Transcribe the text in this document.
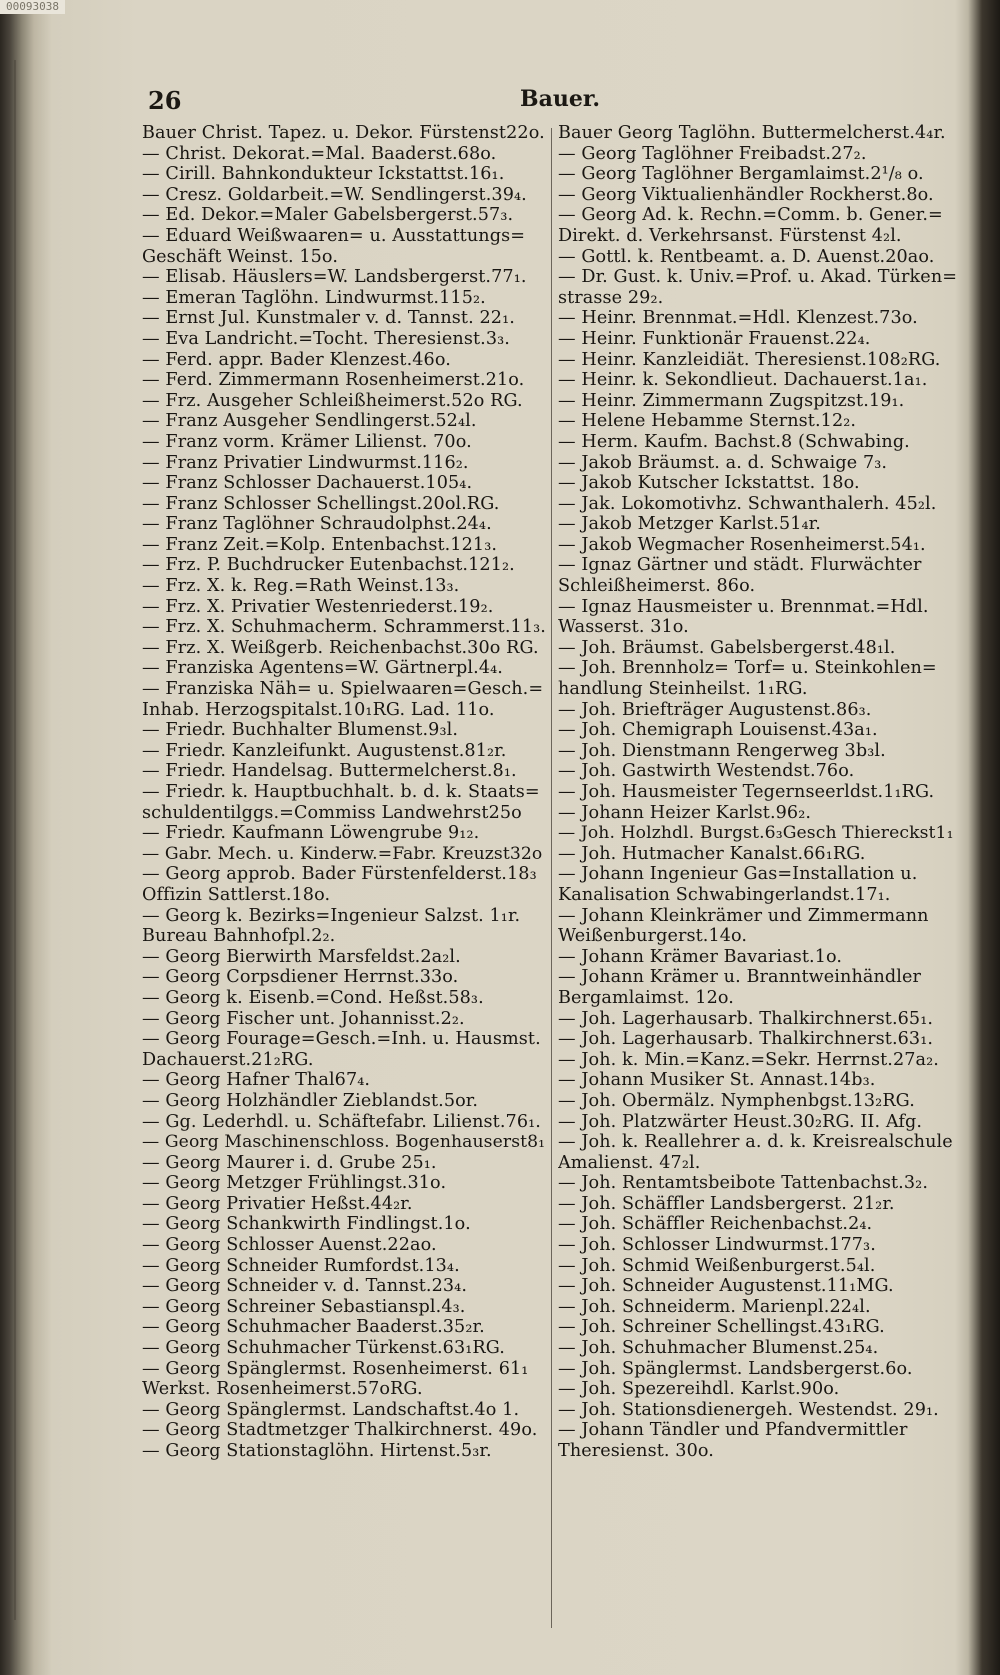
00093038
26	Bauer.
Bauer Christ. Tapez. u. Dekor. Fürstenst22o.
— Christ. Dekorat.=Mal. Baaderst.68o.
— Cirill. Bahnkondukteur Ickstattst.16₁.
— Cresz. Goldarbeit.=W. Sendlingerst.39₄.
— Ed. Dekor.=Maler Gabelsbergerst.57₃.
— Eduard Weißwaaren= u. Ausstattungs=
Geschäft Weinst. 15o.
— Elisab. Häuslers=W. Landsbergerst.77₁.
— Emeran Taglöhn. Lindwurmst.115₂.
— Ernst Jul. Kunstmaler v. d. Tannst. 22₁.
— Eva Landricht.=Tocht. Theresienst.3₃.
— Ferd. appr. Bader Klenzest.46o.
— Ferd. Zimmermann Rosenheimerst.21o.
— Frz. Ausgeher Schleißheimerst.52o RG.
— Franz Ausgeher Sendlingerst.52₄l.
— Franz vorm. Krämer Lilienst. 70o.
— Franz Privatier Lindwurmst.116₂.
— Franz Schlosser Dachauerst.105₄.
— Franz Schlosser Schellingst.20ol.RG.
— Franz Taglöhner Schraudolphst.24₄.
— Franz Zeit.=Kolp. Entenbachst.121₃.
— Frz. P. Buchdrucker Eutenbachst.121₂.
— Frz. X. k. Reg.=Rath Weinst.13₃.
— Frz. X. Privatier Westenriederst.19₂.
— Frz. X. Schuhmacherm. Schrammerst.11₃.
— Frz. X. Weißgerb. Reichenbachst.30o RG.
— Franziska Agentens=W. Gärtnerpl.4₄.
— Franziska Näh= u. Spielwaaren=Gesch.=
Inhab. Herzogspitalst.10₁RG. Lad. 11o.
— Friedr. Buchhalter Blumenst.9₃l.
— Friedr. Kanzleifunkt. Augustenst.81₂r.
— Friedr. Handelsag. Buttermelcherst.8₁.
— Friedr. k. Hauptbuchhalt. b. d. k. Staats=
schuldentilggs.=Commiss Landwehrst25o
— Friedr. Kaufmann Löwengrube 9₁₂.
— Gabr. Mech. u. Kinderw.=Fabr. Kreuzst32o
— Georg approb. Bader Fürstenfelderst.18₃
Offizin Sattlerst.18o.
— Georg k. Bezirks=Ingenieur Salzst. 1₁r.
Bureau Bahnhofpl.2₂.
— Georg Bierwirth Marsfeldst.2a₂l.
— Georg Corpsdiener Herrnst.33o.
— Georg k. Eisenb.=Cond. Heßst.58₃.
— Georg Fischer unt. Johannisst.2₂.
— Georg Fourage=Gesch.=Inh. u. Hausmst.
Dachauerst.21₂RG.
— Georg Hafner Thal67₄.
— Georg Holzhändler Zieblandst.5or.
— Gg. Lederhdl. u. Schäftefabr. Lilienst.76₁.
— Georg Maschinenschloss. Bogenhauserst8₁
— Georg Maurer i. d. Grube 25₁.
— Georg Metzger Frühlingst.31o.
— Georg Privatier Heßst.44₂r.
— Georg Schankwirth Findlingst.1o.
— Georg Schlosser Auenst.22ao.
— Georg Schneider Rumfordst.13₄.
— Georg Schneider v. d. Tannst.23₄.
— Georg Schreiner Sebastianspl.4₃.
— Georg Schuhmacher Baaderst.35₂r.
— Georg Schuhmacher Türkenst.63₁RG.
— Georg Spänglermst. Rosenheimerst. 61₁
Werkst. Rosenheimerst.57oRG.
— Georg Spänglermst. Landschaftst.4o 1.
— Georg Stadtmetzger Thalkirchnerst. 49o.
— Georg Stationstaglöhn. Hirtenst.5₃r.
Bauer Georg Taglöhn. Buttermelcherst.4₄r.
— Georg Taglöhner Freibadst.27₂.
— Georg Taglöhner Bergamlaimst.2¹/₈ o.
— Georg Viktualienhändler Rockherst.8o.
— Georg Ad. k. Rechn.=Comm. b. Gener.=
Direkt. d. Verkehrsanst. Fürstenst 4₂l.
— Gottl. k. Rentbeamt. a. D. Auenst.20ao.
— Dr. Gust. k. Univ.=Prof. u. Akad. Türken=
strasse 29₂.
— Heinr. Brennmat.=Hdl. Klenzest.73o.
— Heinr. Funktionär Frauenst.22₄.
— Heinr. Kanzleidiät. Theresienst.108₂RG.
— Heinr. k. Sekondlieut. Dachauerst.1a₁.
— Heinr. Zimmermann Zugspitzst.19₁.
— Helene Hebamme Sternst.12₂.
— Herm. Kaufm. Bachst.8 (Schwabing.
— Jakob Bräumst. a. d. Schwaige 7₃.
— Jakob Kutscher Ickstattst. 18o.
— Jak. Lokomotivhz. Schwanthalerh. 45₂l.
— Jakob Metzger Karlst.51₄r.
— Jakob Wegmacher Rosenheimerst.54₁.
— Ignaz Gärtner und städt. Flurwächter
Schleißheimerst. 86o.
— Ignaz Hausmeister u. Brennmat.=Hdl.
Wasserst. 31o.
— Joh. Bräumst. Gabelsbergerst.48₁l.
— Joh. Brennholz= Torf= u. Steinkohlen=
handlung Steinheilst. 1₁RG.
— Joh. Briefträger Augustenst.86₃.
— Joh. Chemigraph Louisenst.43a₁.
— Joh. Dienstmann Rengerweg 3b₃l.
— Joh. Gastwirth Westendst.76o.
— Joh. Hausmeister Tegernseerldst.1₁RG.
— Johann Heizer Karlst.96₂.
— Joh. Holzhdl. Burgst.6₃Gesch Thiereckst1₁
— Joh. Hutmacher Kanalst.66₁RG.
— Johann Ingenieur Gas=Installation u.
Kanalisation Schwabingerlandst.17₁.
— Johann Kleinkrämer und Zimmermann
Weißenburgerst.14o.
— Johann Krämer Bavariast.1o.
— Johann Krämer u. Branntweinhändler
Bergamlaimst. 12o.
— Joh. Lagerhausarb. Thalkirchnerst.65₁.
— Joh. Lagerhausarb. Thalkirchnerst.63₁.
— Joh. k. Min.=Kanz.=Sekr. Herrnst.27a₂.
— Johann Musiker St. Annast.14b₃.
— Joh. Obermälz. Nymphenbgst.13₂RG.
— Joh. Platzwärter Heust.30₂RG. II. Afg.
— Joh. k. Reallehrer a. d. k. Kreisrealschule
Amalienst. 47₂l.
— Joh. Rentamtsbeibote Tattenbachst.3₂.
— Joh. Schäffler Landsbergerst. 21₂r.
— Joh. Schäffler Reichenbachst.2₄.
— Joh. Schlosser Lindwurmst.177₃.
— Joh. Schmid Weißenburgerst.5₄l.
— Joh. Schneider Augustenst.11₁MG.
— Joh. Schneiderm. Marienpl.22₄l.
— Joh. Schreiner Schellingst.43₁RG.
— Joh. Schuhmacher Blumenst.25₄.
— Joh. Spänglermst. Landsbergerst.6o.
— Joh. Spezereihdl. Karlst.90o.
— Joh. Stationsdienergeh. Westendst. 29₁.
— Johann Tändler und Pfandvermittler
Theresienst. 30o.
